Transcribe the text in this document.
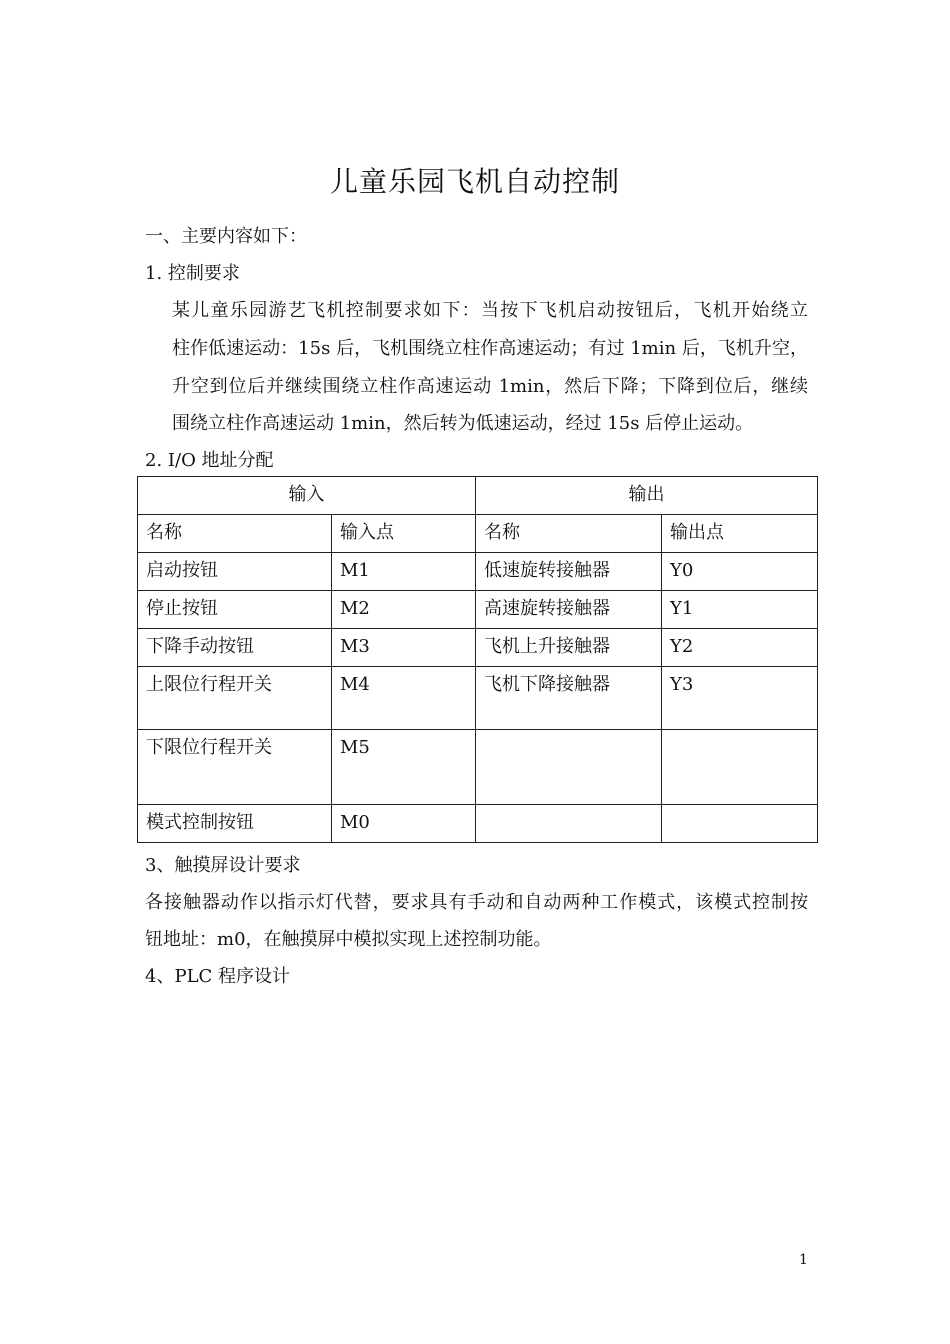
儿童乐园飞机自动控制
一、主要内容如下：
1. 控制要求
某儿童乐园游艺飞机控制要求如下：当按下飞机启动按钮后，飞机开始绕立
柱作低速运动：15s 后，飞机围绕立柱作高速运动；有过 1min 后，飞机升空，
升空到位后并继续围绕立柱作高速运动 1min，然后下降；下降到位后，继续
围绕立柱作高速运动 1min，然后转为低速运动，经过 15s 后停止运动。
2. I/O 地址分配
输入		输出	
名称	输入点	名称	输出点
启动按钮	M1	低速旋转接触器	Y0
停止按钮	M2	高速旋转接触器	Y1
下降手动按钮	M3	飞机上升接触器	Y2
上限位行程开关	M4	飞机下降接触器	Y3
下限位行程开关	M5		
模式控制按钮	M0		
3、触摸屏设计要求
各接触器动作以指示灯代替，要求具有手动和自动两种工作模式，该模式控制按
钮地址：m0，在触摸屏中模拟实现上述控制功能。
4、PLC 程序设计
1
